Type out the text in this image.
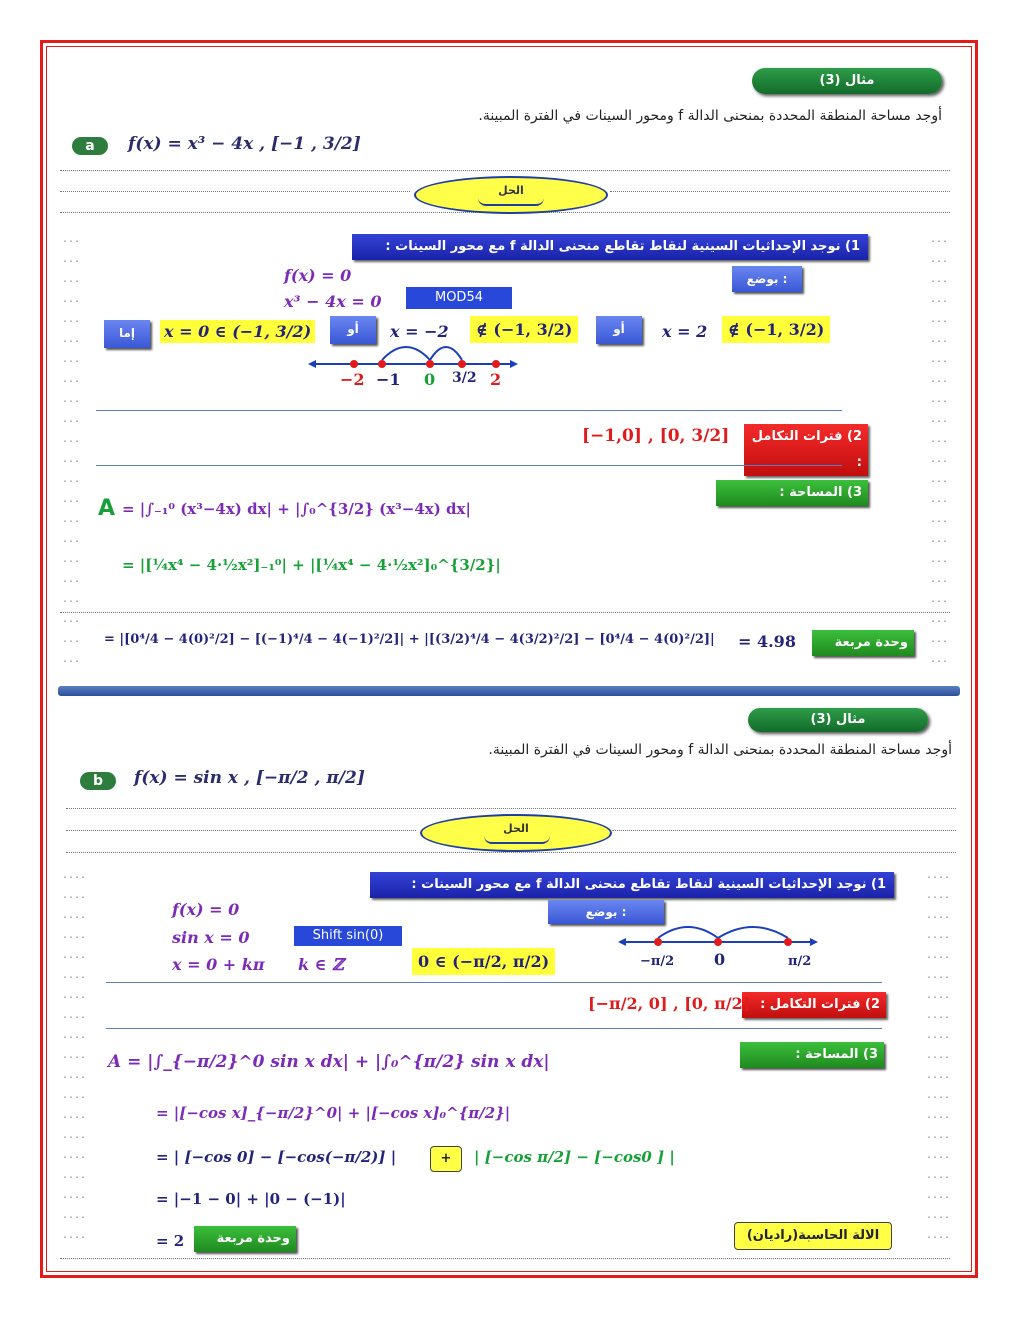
مثال (3)
أوجد مساحة المنطقة المحددة بمنحنى الدالة f ومحور السينات في الفترة المبينة.
a	f(x) = x³ − 4x , [−1 , 3/2]
الحل
...
...
...
...
...
...
...
...
...
...
...
...
...
...
...
...
...
...
...
...
...
...
...
...
...
...
...
...
...
...
...
...
...
...
...
...
...
...
...
...
...
...
...
...
1) نوجد الإحداثيات السينية لنقاط تقاطع منحنى الدالة f مع محور السينات :
f(x) = 0
x³ − 4x = 0	MOD54
بوضع :
إما	x = 0 ∈ (−1, 3/2)	أو	x = −2	∉ (−1, 3/2)	أو	x = 2	∉ (−1, 3/2)
−2 −1 0 3/2 2
2) فترات التكامل :
[−1,0] , [0, 3/2]
3) المساحة :
A = |∫₋₁⁰ (x³−4x) dx| + |∫₀^{3/2} (x³−4x) dx|
= |[¼x⁴ − 4·½x²]₋₁⁰| + |[¼x⁴ − 4·½x²]₀^{3/2}|
= |[0⁴/4 − 4(0)²/2] − [(−1)⁴/4 − 4(−1)²/2]| + |[(3/2)⁴/4 − 4(3/2)²/2] − [0⁴/4 − 4(0)²/2]| = 4.98	وحدة مربعة
مثال (3)
أوجد مساحة المنطقة المحددة بمنحنى الدالة f ومحور السينات في الفترة المبينة.
b	f(x) = sin x , [−π/2 , π/2]
الحل
....
....
....
....
....
....
....
....
....
....
....
....
....
....
....
....
....
....
....
....
....
....
....
....
....
....
....
....
....
....
....
....
....
....
....
....
....
....
1) نوجد الإحداثيات السينية لنقاط تقاطع منحنى الدالة f مع محور السينات :
بوضع :
f(x) = 0
sin x = 0	Shift sin(0)
x = 0 + kπ k ∈ ℤ	0 ∈ (−π/2, π/2)	−π/2 0	π/2
2) فترات التكامل :
[−π/2, 0] , [0, π/2]
3) المساحة :
A = |∫_{−π/2}^0 sin x dx| + |∫₀^{π/2} sin x dx|
= |[−cos x]_{−π/2}^0| + |[−cos x]₀^{π/2}|
= | [−cos 0] − [−cos(−π/2)] |	+	| [−cos π/2] − [−cos0 ] |
= |−1 − 0| + |0 − (−1)|
= 2	وحدة مربعة	الالة الحاسبة(راديان)
